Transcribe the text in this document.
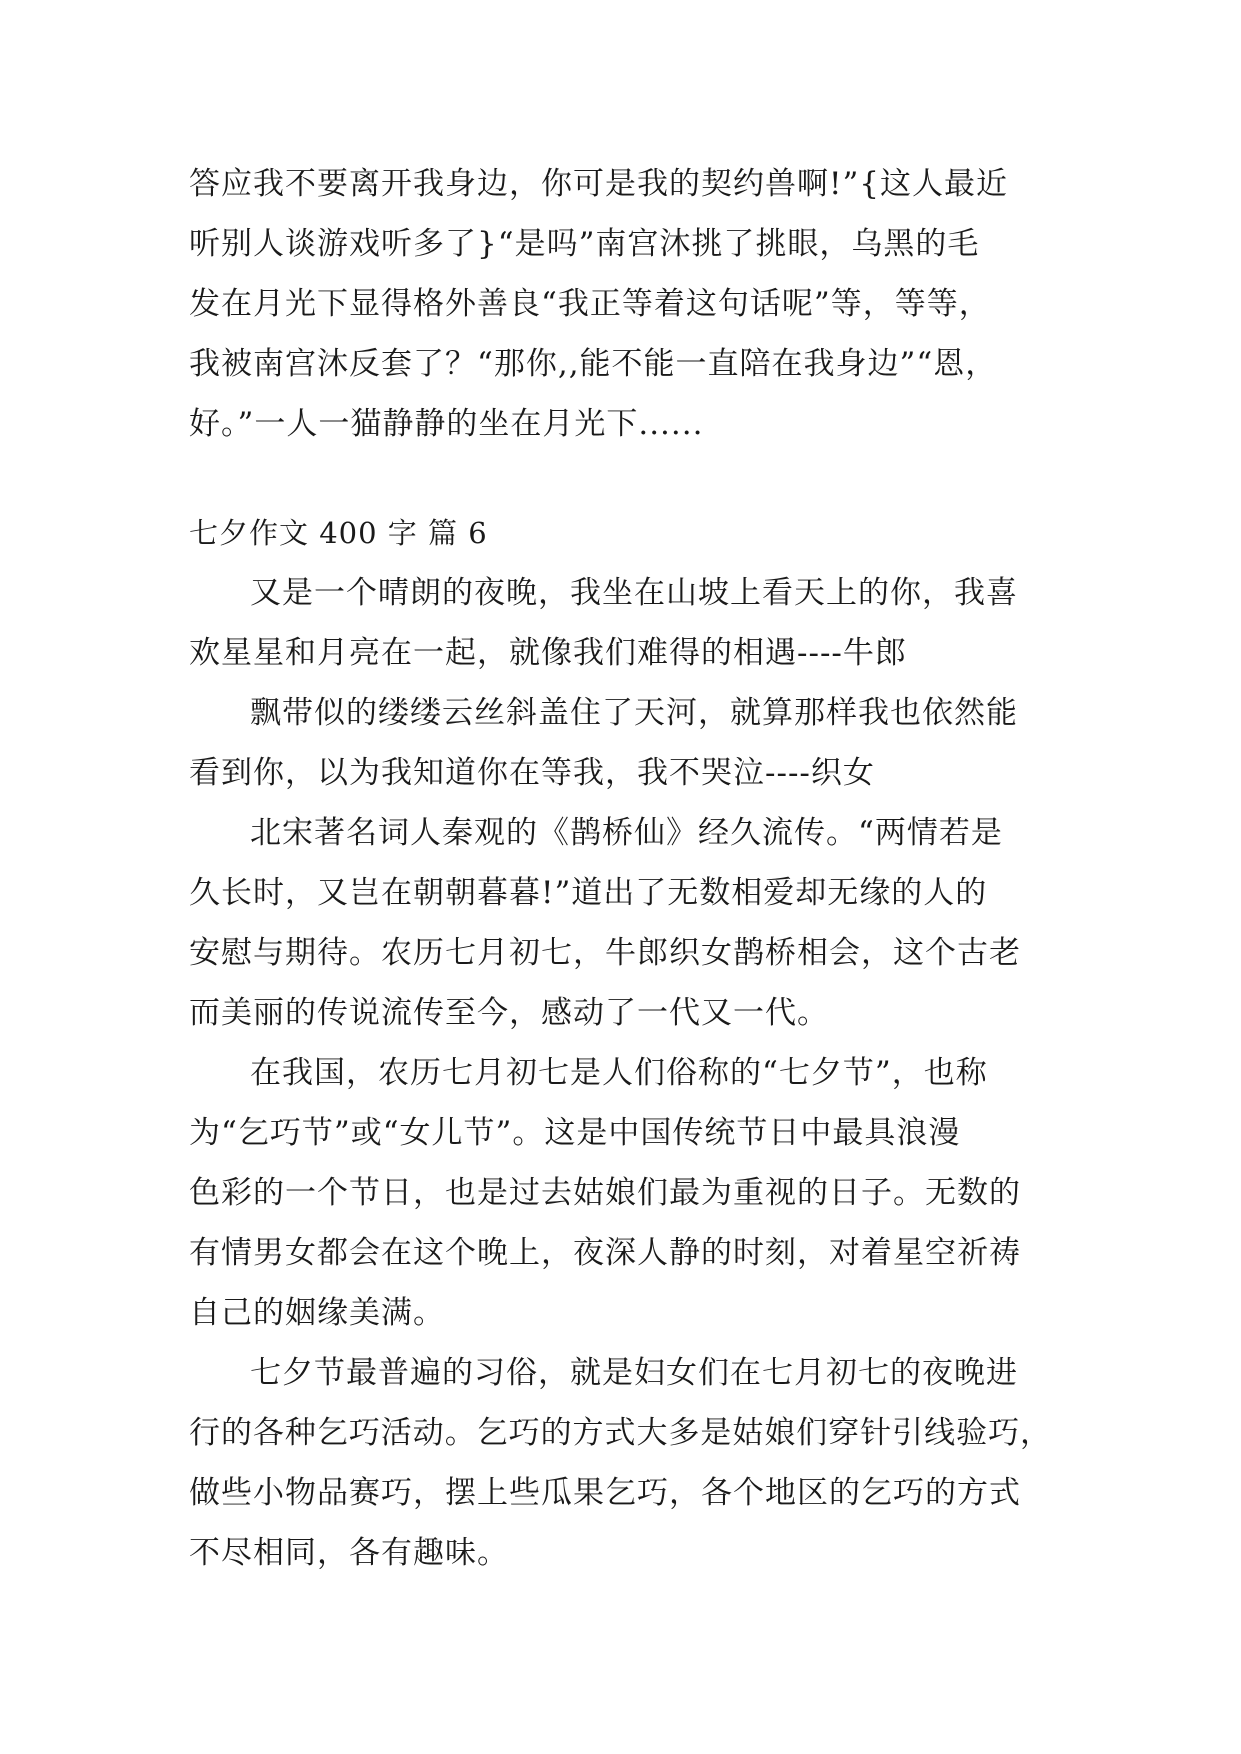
答应我不要离开我身边，你可是我的契约兽啊!”{这人最近
听别人谈游戏听多了}“是吗”南宫沐挑了挑眼，乌黑的毛
发在月光下显得格外善良“我正等着这句话呢”等，等等，
我被南宫沐反套了？“那你,,能不能一直陪在我身边”“恩，
好。”一人一猫静静的坐在月光下......
七夕作文 400 字 篇 6
又是一个晴朗的夜晚，我坐在山坡上看天上的你，我喜
欢星星和月亮在一起，就像我们难得的相遇----牛郎
飘带似的缕缕云丝斜盖住了天河，就算那样我也依然能
看到你，以为我知道你在等我，我不哭泣----织女
北宋著名词人秦观的《鹊桥仙》经久流传。“两情若是
久长时，又岂在朝朝暮暮!”道出了无数相爱却无缘的人的
安慰与期待。农历七月初七，牛郎织女鹊桥相会，这个古老
而美丽的传说流传至今，感动了一代又一代。
在我国，农历七月初七是人们俗称的“七夕节”，也称
为“乞巧节”或“女儿节”。这是中国传统节日中最具浪漫
色彩的一个节日，也是过去姑娘们最为重视的日子。无数的
有情男女都会在这个晚上，夜深人静的时刻，对着星空祈祷
自己的姻缘美满。
七夕节最普遍的习俗，就是妇女们在七月初七的夜晚进
行的各种乞巧活动。乞巧的方式大多是姑娘们穿针引线验巧，
做些小物品赛巧，摆上些瓜果乞巧，各个地区的乞巧的方式
不尽相同，各有趣味。
